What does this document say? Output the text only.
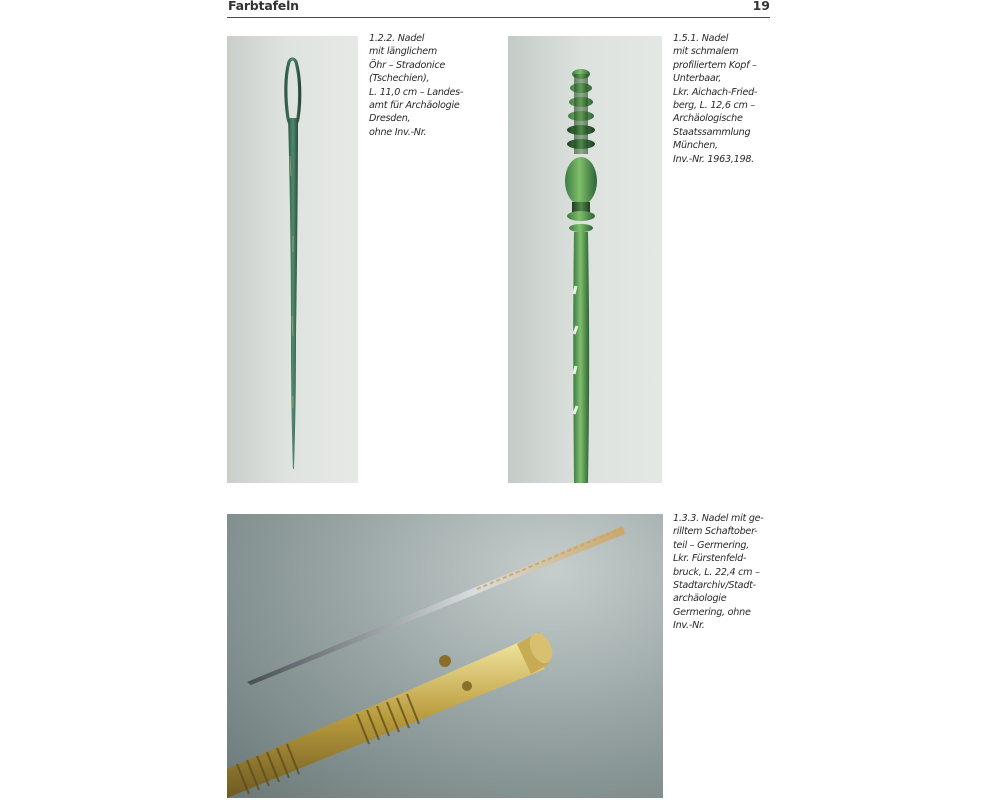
Farbtafeln	19
1.2.2. Nadel
mit länglichem
Öhr – Stradonice
(Tschechien),
L. 11,0 cm – Landes-
amt für Archäologie
Dresden,
ohne Inv.-Nr.
1.5.1. Nadel
mit schmalem
profiliertem Kopf –
Unterbaar,
Lkr. Aichach-Fried-
berg, L. 12,6 cm –
Archäologische
Staatssammlung
München,
Inv.-Nr. 1963,198.
1.3.3. Nadel mit ge-
rilltem Schaftober-
teil – Germering,
Lkr. Fürstenfeld-
bruck, L. 22,4 cm –
Stadtarchiv/Stadt-
archäologie
Germering, ohne
Inv.-Nr.
